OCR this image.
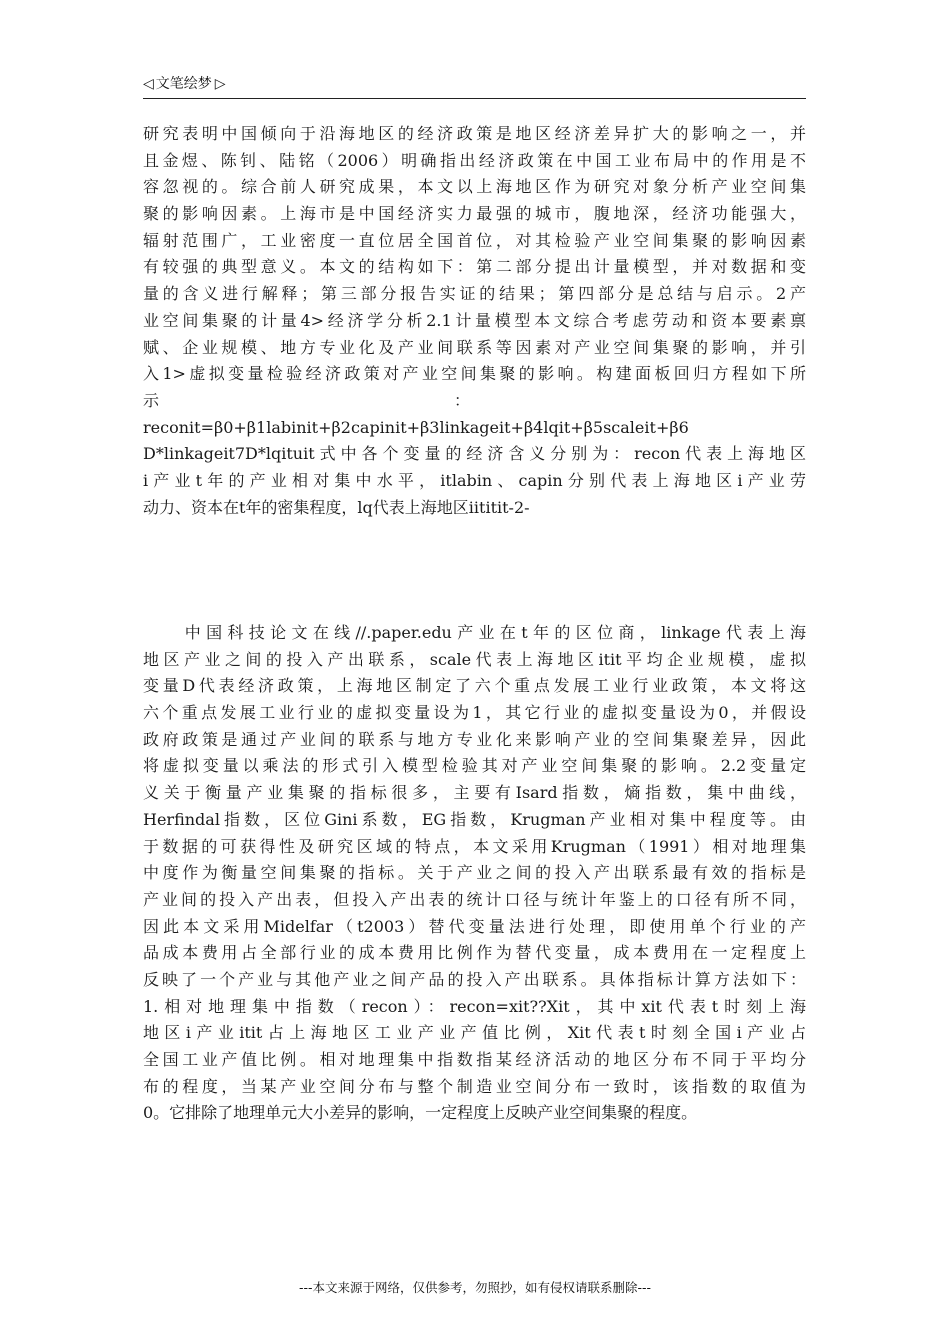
◁ 文笔绘梦 ▷
研究表明中国倾向于沿海地区的经济政策是地区经济差异扩大的影响之一，并
且金煜、陈钊、陆铭（2006）明确指出经济政策在中国工业布局中的作用是不
容忽视的。综合前人研究成果，本文以上海地区作为研究对象分析产业空间集
聚的影响因素。上海市是中国经济实力最强的城市，腹地深，经济功能强大，
辐射范围广，工业密度一直位居全国首位，对其检验产业空间集聚的影响因素
有较强的典型意义。本文的结构如下：第二部分提出计量模型，并对数据和变
量的含义进行解释；第三部分报告实证的结果；第四部分是总结与启示。2产
业空间集聚的计量4>经济学分析2.1计量模型本文综合考虑劳动和资本要素禀
赋、企业规模、地方专业化及产业间联系等因素对产业空间集聚的影响，并引
入1>虚拟变量检验经济政策对产业空间集聚的影响。构建面板回归方程如下所
示                                                          ：
reconit=β0+β1labinit+β2capinit+β3linkageit+β4lqit+β5scaleit+β6
D*linkageit7D*lqituit式中各个变量的经济含义分别为：recon代表上海地区
i产业t年的产业相对集中水平，itlabin、capin分别代表上海地区i产业劳
动力、资本在t年的密集程度，lq代表上海地区iititit-2-
中国科技论文在线//.paper.edu产业在t年的区位商，linkage代表上海
地区产业之间的投入产出联系，scale代表上海地区itit平均企业规模，虚拟
变量D代表经济政策，上海地区制定了六个重点发展工业行业政策，本文将这
六个重点发展工业行业的虚拟变量设为1，其它行业的虚拟变量设为0，并假设
政府政策是通过产业间的联系与地方专业化来影响产业的空间集聚差异，因此
将虚拟变量以乘法的形式引入模型检验其对产业空间集聚的影响。2.2变量定
义关于衡量产业集聚的指标很多，主要有Isard指数，熵指数，集中曲线，
Herfindal指数，区位Gini系数，EG指数，Krugman产业相对集中程度等。由
于数据的可获得性及研究区域的特点，本文采用Krugman（1991）相对地理集
中度作为衡量空间集聚的指标。关于产业之间的投入产出联系最有效的指标是
产业间的投入产出表，但投入产出表的统计口径与统计年鉴上的口径有所不同，
因此本文采用Midelfar（t2003）替代变量法进行处理，即使用单个行业的产
品成本费用占全部行业的成本费用比例作为替代变量，成本费用在一定程度上
反映了一个产业与其他产业之间产品的投入产出联系。具体指标计算方法如下：
1.相对地理集中指数（recon）：recon=xit??Xit，其中xit代表t时刻上海
地区i产业itit占上海地区工业产业产值比例，Xit代表t时刻全国i产业占
全国工业产值比例。相对地理集中指数指某经济活动的地区分布不同于平均分
布的程度，当某产业空间分布与整个制造业空间分布一致时，该指数的取值为
0。它排除了地理单元大小差异的影响，一定程度上反映产业空间集聚的程度。
---本文来源于网络，仅供参考，勿照抄，如有侵权请联系删除---
